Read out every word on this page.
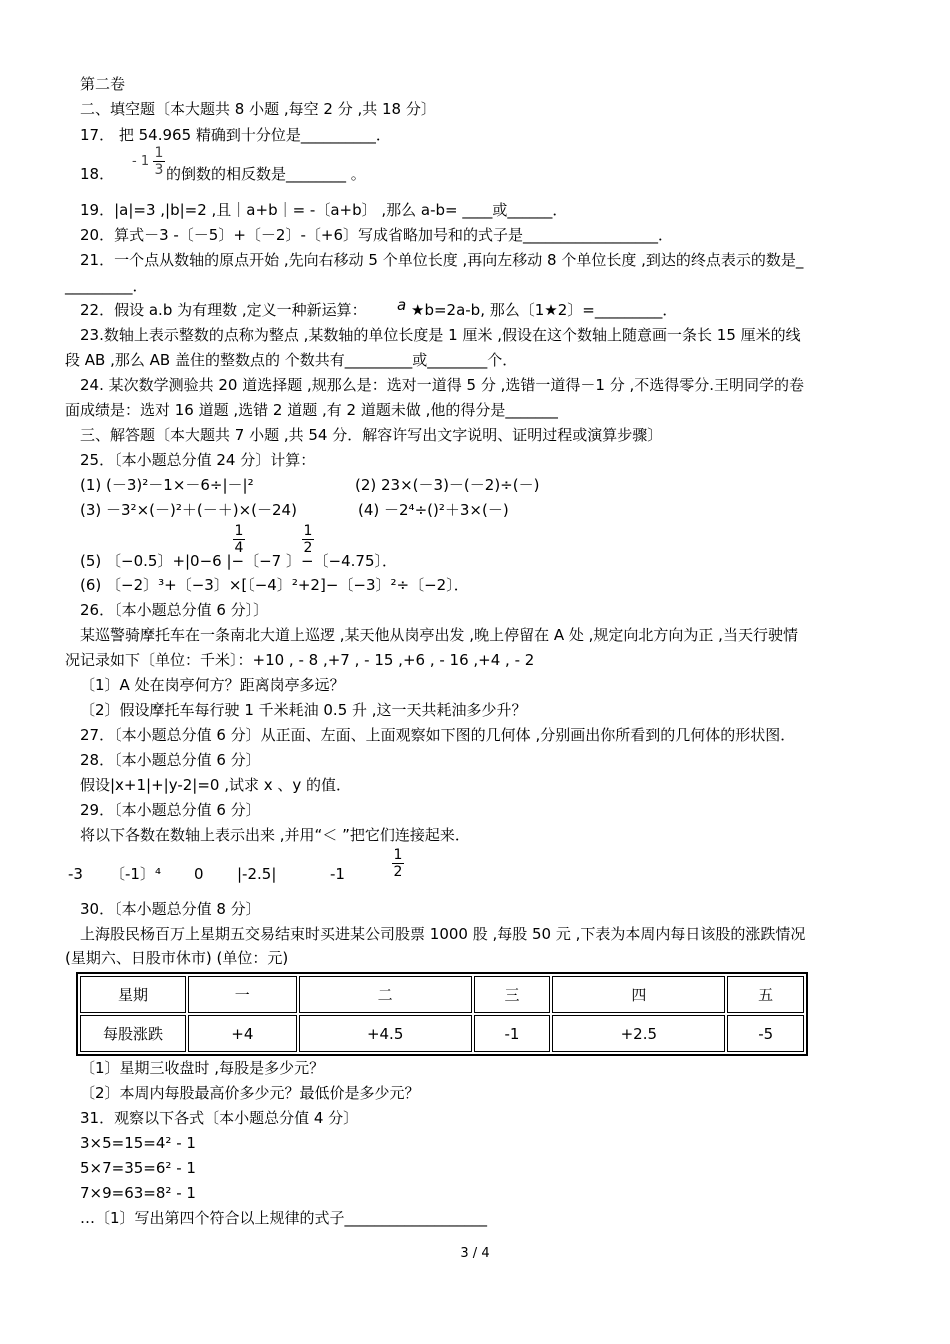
第二卷
二、填空题〔本大题共 8 小题 ,每空 2 分 ,共 18 分〕
17． 把 54.965 精确到十分位是__________．
18．
- 1
1
3 的倒数的相反数是________ 。
19．|a|=3 ,|b|=2 ,且｜a+b｜= -〔a+b〕 ,那么 a-b= ____或______．
20．算式－3 -〔－5〕+〔－2〕-〔+6〕写成省略加号和的式子是__________________．
21．一个点从数轴的原点开始 ,先向右移动 5 个单位长度 ,再向左移动 8 个单位长度 ,到达的终点表示的数是_
_________．
22．假设 a.b 为有理数 ,定义一种新运算： a ★b=2a-b, 那么〔1★2〕=_________．
23.数轴上表示整数的点称为整点 ,某数轴的单位长度是 1 厘米 ,假设在这个数轴上随意画一条长 15 厘米的线
段 AB ,那么 AB 盖住的整数点的 个数共有_________或________个．
24. 某次数学测验共 20 道选择题 ,规那么是：选对一道得 5 分 ,选错一道得－1 分 ,不选得零分.王明同学的卷
面成绩是：选对 16 道题 ,选错 2 道题 ,有 2 道题未做 ,他的得分是_______
三、解答题〔本大题共 7 小题 ,共 54 分．解容许写出文字说明、证明过程或演算步骤〕
25．〔本小题总分值 24 分〕计算：
(1) (－3)²－1×－6÷|－|²	(2) 23×(－3)－(－2)÷(－)
(3) －3²×(－)²＋(－＋)×(－24)	(4) －2⁴÷()²＋3×(－)
1
4
1
2
(5) 〔−0.5〕+|0−6 |−〔−7 〕−〔−4.75〕．
(6) 〔−2〕³+〔−3〕×[〔−4〕²+2]−〔−3〕²÷〔−2〕．
26．〔本小题总分值 6 分〕〕
某巡警骑摩托车在一条南北大道上巡逻 ,某天他从岗亭出发 ,晚上停留在 A 处 ,规定向北方向为正 ,当天行驶情
况记录如下〔单位：千米〕：+10 , - 8 ,+7 , - 15 ,+6 , - 16 ,+4 , - 2
〔1〕A 处在岗亭何方？距离岗亭多远？
〔2〕假设摩托车每行驶 1 千米耗油 0.5 升 ,这一天共耗油多少升？
27．〔本小题总分值 6 分〕从正面、左面、上面观察如下图的几何体 ,分别画出你所看到的几何体的形状图．
28．〔本小题总分值 6 分〕
假设|x+1|+|y-2|=0 ,试求 x 、y 的值．
29．〔本小题总分值 6 分〕
将以下各数在数轴上表示出来 ,并用“＜ ”把它们连接起来．
-3 〔-1〕⁴ 0 |-2.5|	-1
1
2
30．〔本小题总分值 8 分〕
上海股民杨百万上星期五交易结束时买进某公司股票 1000 股 ,每股 50 元 ,下表为本周内每日该股的涨跌情况
(星期六、日股市休市) (单位：元)
星期	一	二	三	四	五
每股涨跌	+4	+4.5	-1	+2.5	-5
〔1〕星期三收盘时 ,每股是多少元？
〔2〕本周内每股最高价多少元？最低价是多少元？
31．观察以下各式〔本小题总分值 4 分〕
3×5=15=4² - 1
5×7=35=6² - 1
7×9=63=8² - 1
…〔1〕写出第四个符合以上规律的式子___________________
3 / 4
